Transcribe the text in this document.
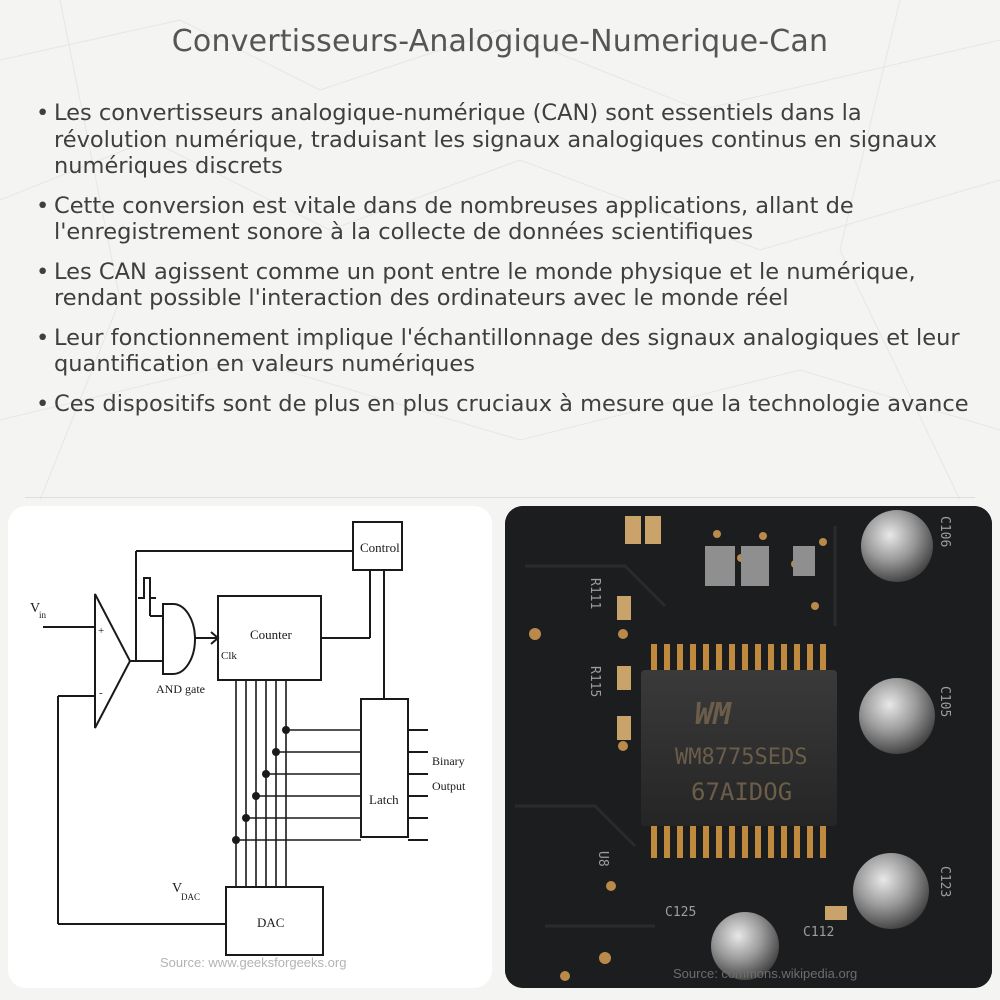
Convertisseurs-Analogique-Numerique-Can
• Les convertisseurs analogique-numérique (CAN) sont essentiels dans la révolution numérique, traduisant les signaux analogiques continus en signaux numériques discrets
• Cette conversion est vitale dans de nombreuses applications, allant de l'enregistrement sonore à la collecte de données scientifiques
• Les CAN agissent comme un pont entre le monde physique et le numérique, rendant possible l'interaction des ordinateurs avec le monde réel
• Leur fonctionnement implique l'échantillonnage des signaux analogiques et leur quantification en valeurs numériques
• Ces dispositifs sont de plus en plus cruciaux à mesure que la technologie avance
Control
V
in
+
-	AND gate
Counter
Clk
Latch
Binary
Output
V
DAC
DAC
Source: www.geeksforgeeks.org
WM
WM8775SEDS
67AIDOG
R111
R115
U8
C106
C105
C123
C125
C112
Source: commons.wikipedia.org
